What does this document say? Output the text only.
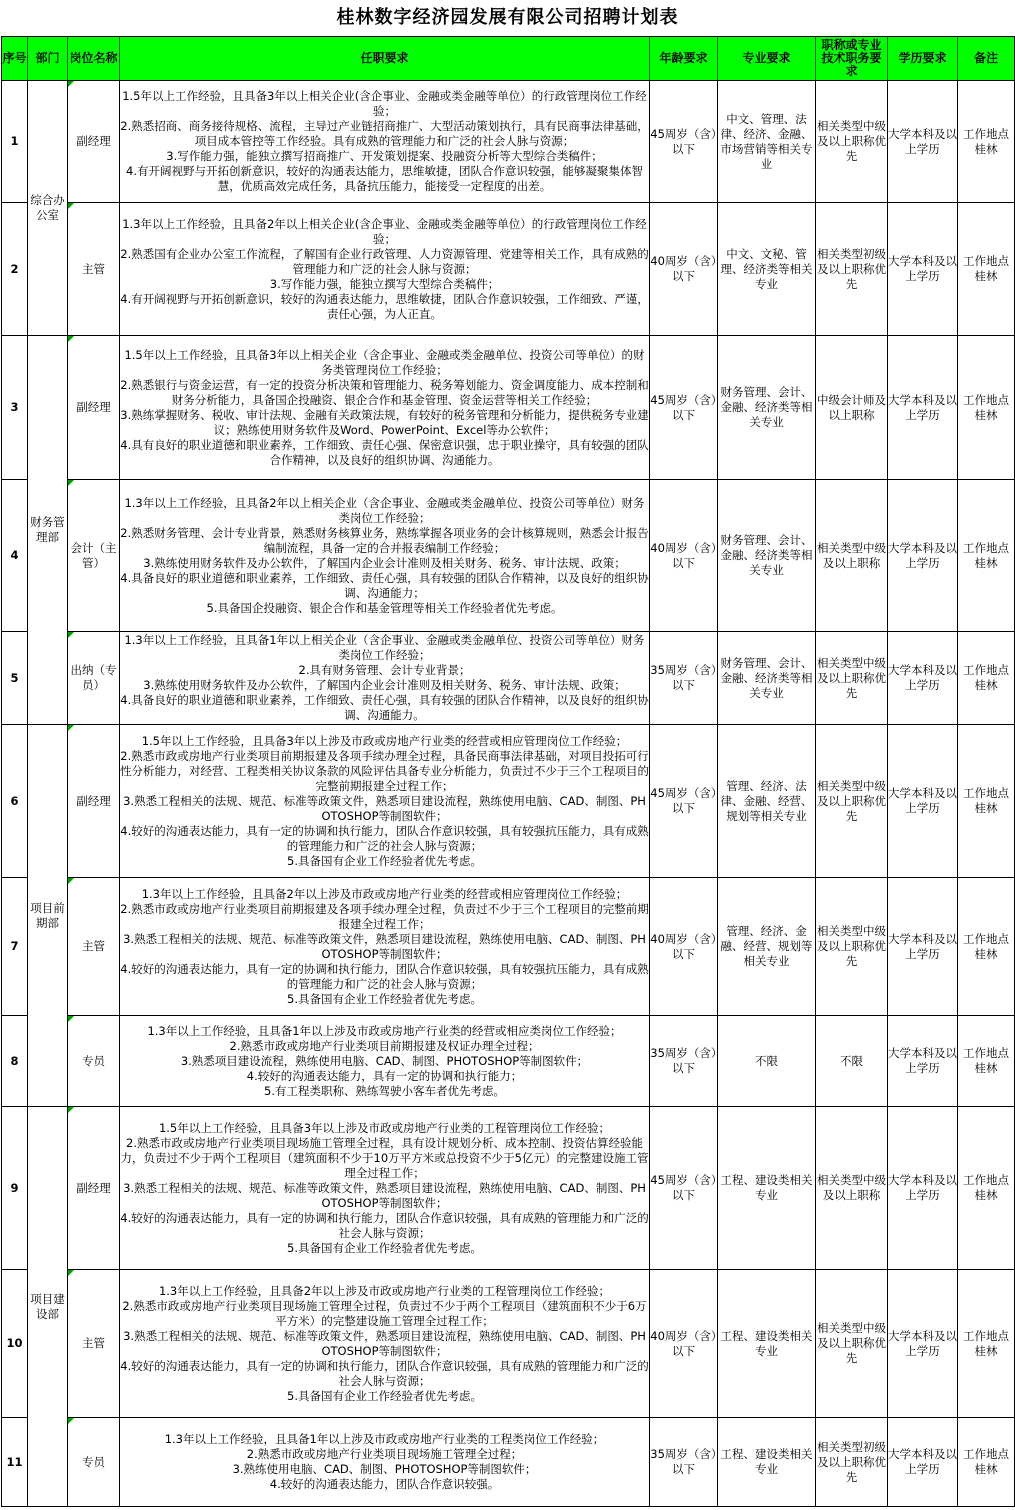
桂林数字经济园发展有限公司招聘计划表
序号	部门	岗位名称	任职要求	年龄要求	专业要求	职称或专业技术职务要求	学历要求	备注
1	综合办公室	副经理	1.5年以上工作经验，且具备3年以上相关企业(含企事业、金融或类金融等单位）的行政管理岗位工作经验；
2.熟悉招商、商务接待规格、流程，主导过产业链招商推广、大型活动策划执行，具有民商事法律基础，项目成本管控等工作经验。具有成熟的管理能力和广泛的社会人脉与资源；
3.写作能力强，能独立撰写招商推广、开发策划提案、投融资分析等大型综合类稿件；
4.有开阔视野与开拓创新意识，较好的沟通表达能力，思维敏捷，团队合作意识较强，能够凝聚集体智慧，优质高效完成任务，具备抗压能力，能接受一定程度的出差。	45周岁（含）以下	中文、管理、法律、经济、金融、市场营销等相关专业	相关类型中级及以上职称优先	大学本科及以上学历	工作地点桂林
2		主管	1.3年以上工作经验，且具备2年以上相关企业(含企事业、金融或类金融等单位）的行政管理岗位工作经验；
2.熟悉国有企业办公室工作流程，了解国有企业行政管理、人力资源管理、党建等相关工作，具有成熟的管理能力和广泛的社会人脉与资源；
3.写作能力强，能独立撰写大型综合类稿件；
4.有开阔视野与开拓创新意识，较好的沟通表达能力，思维敏捷，团队合作意识较强，工作细致、严谨，责任心强，为人正直。	40周岁（含）以下	中文、文秘、管理、经济类等相关专业	相关类型初级及以上职称优先	大学本科及以上学历	工作地点桂林
3	财务管理部	副经理	1.5年以上工作经验，且具备3年以上相关企业（含企事业、金融或类金融单位、投资公司等单位）的财务类管理岗位工作经验；
2.熟悉银行与资金运营，有一定的投资分析决策和管理能力、税务筹划能力、资金调度能力、成本控制和财务分析能力，具备国企投融资、银企合作和基金管理、资金运营等相关工作经验；
3.熟练掌握财务、税收、审计法规、金融有关政策法规，有较好的税务管理和分析能力，提供税务专业建议；熟练使用财务软件及Word、PowerPoint、Excel等办公软件；
4.具有良好的职业道德和职业素养，工作细致、责任心强、保密意识强，忠于职业操守，具有较强的团队合作精神，以及良好的组织协调、沟通能力。	45周岁（含）以下	财务管理、会计、金融、经济类等相关专业	中级会计师及以上职称	大学本科及以上学历	工作地点桂林
4		会计（主管）	1.3年以上工作经验，且具备2年以上相关企业（含企事业、金融或类金融单位、投资公司等单位）财务类岗位工作经验；
2.熟悉财务管理、会计专业背景，熟悉财务核算业务，熟练掌握各项业务的会计核算规则，熟悉会计报告编制流程，具备一定的合并报表编制工作经验；
3.熟练使用财务软件及办公软件，了解国内企业会计准则及相关财务、税务、审计法规、政策；
4.具备良好的职业道德和职业素养，工作细致、责任心强，具有较强的团队合作精神，以及良好的组织协调、沟通能力；
5.具备国企投融资、银企合作和基金管理等相关工作经验者优先考虑。	40周岁（含）以下	财务管理、会计、金融、经济类等相关专业	相关类型中级及以上职称	大学本科及以上学历	工作地点桂林
5		出纳（专员）	1.3年以上工作经验，且具备1年以上相关企业（含企事业、金融或类金融单位、投资公司等单位）财务类岗位工作经验；
2.具有财务管理、会计专业背景；
3.熟练使用财务软件及办公软件，了解国内企业会计准则及相关财务、税务、审计法规、政策；
4.具备良好的职业道德和职业素养，工作细致、责任心强，具有较强的团队合作精神，以及良好的组织协调、沟通能力。	35周岁（含）以下	财务管理、会计、金融、经济类等相关专业	相关类型中级及以上职称优先	大学本科及以上学历	工作地点桂林
6	项目前期部	副经理	1.5年以上工作经验，且具备3年以上涉及市政或房地产行业类的经营或相应管理岗位工作经验；
2.熟悉市政或房地产行业类项目前期报建及各项手续办理全过程，具备民商事法律基础，对项目投拓可行性分析能力，对经营、工程类相关协议条款的风险评估具备专业分析能力，负责过不少于三个工程项目的完整前期报建全过程工作；
3.熟悉工程相关的法规、规范、标准等政策文件，熟悉项目建设流程，熟练使用电脑、CAD、制图、PHOTOSHOP等制图软件；
4.较好的沟通表达能力，具有一定的协调和执行能力，团队合作意识较强，具有较强抗压能力，具有成熟的管理能力和广泛的社会人脉与资源；
5.具备国有企业工作经验者优先考虑。	45周岁（含）以下	管理、经济、法律、金融、经营、规划等相关专业	相关类型中级及以上职称优先	大学本科及以上学历	工作地点桂林
7		主管	1.3年以上工作经验，且具备2年以上涉及市政或房地产行业类的经营或相应管理岗位工作经验；
2.熟悉市政或房地产行业类项目前期报建及各项手续办理全过程，负责过不少于三个工程项目的完整前期报建全过程工作；
3.熟悉工程相关的法规、规范、标准等政策文件，熟悉项目建设流程，熟练使用电脑、CAD、制图、PHOTOSHOP等制图软件；
4.较好的沟通表达能力，具有一定的协调和执行能力，团队合作意识较强，具有较强抗压能力，具有成熟的管理能力和广泛的社会人脉与资源；
5.具备国有企业工作经验者优先考虑。	40周岁（含）以下	管理、经济、金融、经营、规划等相关专业	相关类型中级及以上职称优先	大学本科及以上学历	工作地点桂林
8		专员	1.3年以上工作经验，且具备1年以上涉及市政或房地产行业类的经营或相应类岗位工作经验；
2.熟悉市政或房地产行业类项目前期报建及权证办理全过程；
3.熟悉项目建设流程，熟练使用电脑、CAD、制图、PHOTOSHOP等制图软件；
4.较好的沟通表达能力，具有一定的协调和执行能力；
5.有工程类职称、熟练驾驶小客车者优先考虑。	35周岁（含）以下	不限	不限	大学本科及以上学历	工作地点桂林
9	项目建设部	副经理	1.5年以上工作经验，且具备3年以上涉及市政或房地产行业类的工程管理岗位工作经验；
2.熟悉市政或房地产行业类项目现场施工管理全过程，具有设计规划分析、成本控制、投资估算经验能力，负责过不少于两个工程项目（建筑面积不少于10万平方米或总投资不少于5亿元）的完整建设施工管理全过程工作；
3.熟悉工程相关的法规、规范、标准等政策文件，熟悉项目建设流程，熟练使用电脑、CAD、制图、PHOTOSHOP等制图软件；
4.较好的沟通表达能力，具有一定的协调和执行能力，团队合作意识较强，具有成熟的管理能力和广泛的社会人脉与资源；
5.具备国有企业工作经验者优先考虑。	45周岁（含）以下	工程、建设类相关专业	相关类型中级及以上职称	大学本科及以上学历	工作地点桂林
10		主管	1.3年以上工作经验，且具备2年以上涉及市政或房地产行业类的工程管理岗位工作经验；
2.熟悉市政或房地产行业类项目现场施工管理全过程，负责过不少于两个工程项目（建筑面积不少于6万平方米）的完整建设施工管理全过程工作；
3.熟悉工程相关的法规、规范、标准等政策文件，熟悉项目建设流程，熟练使用电脑、CAD、制图、PHOTOSHOP等制图软件；
4.较好的沟通表达能力，具有一定的协调和执行能力，团队合作意识较强，具有成熟的管理能力和广泛的社会人脉与资源；
5.具备国有企业工作经验者优先考虑。	40周岁（含）以下	工程、建设类相关专业	相关类型中级及以上职称优先	大学本科及以上学历	工作地点桂林
11		专员	1.3年以上工作经验，且具备1年以上涉及市政或房地产行业类的工程类岗位工作经验；
2.熟悉市政或房地产行业类项目现场施工管理全过程；
3.熟练使用电脑、CAD、制图、PHOTOSHOP等制图软件；
4.较好的沟通表达能力，团队合作意识较强。	35周岁（含）以下	工程、建设类相关专业	相关类型初级及以上职称优先	大学本科及以上学历	工作地点桂林
